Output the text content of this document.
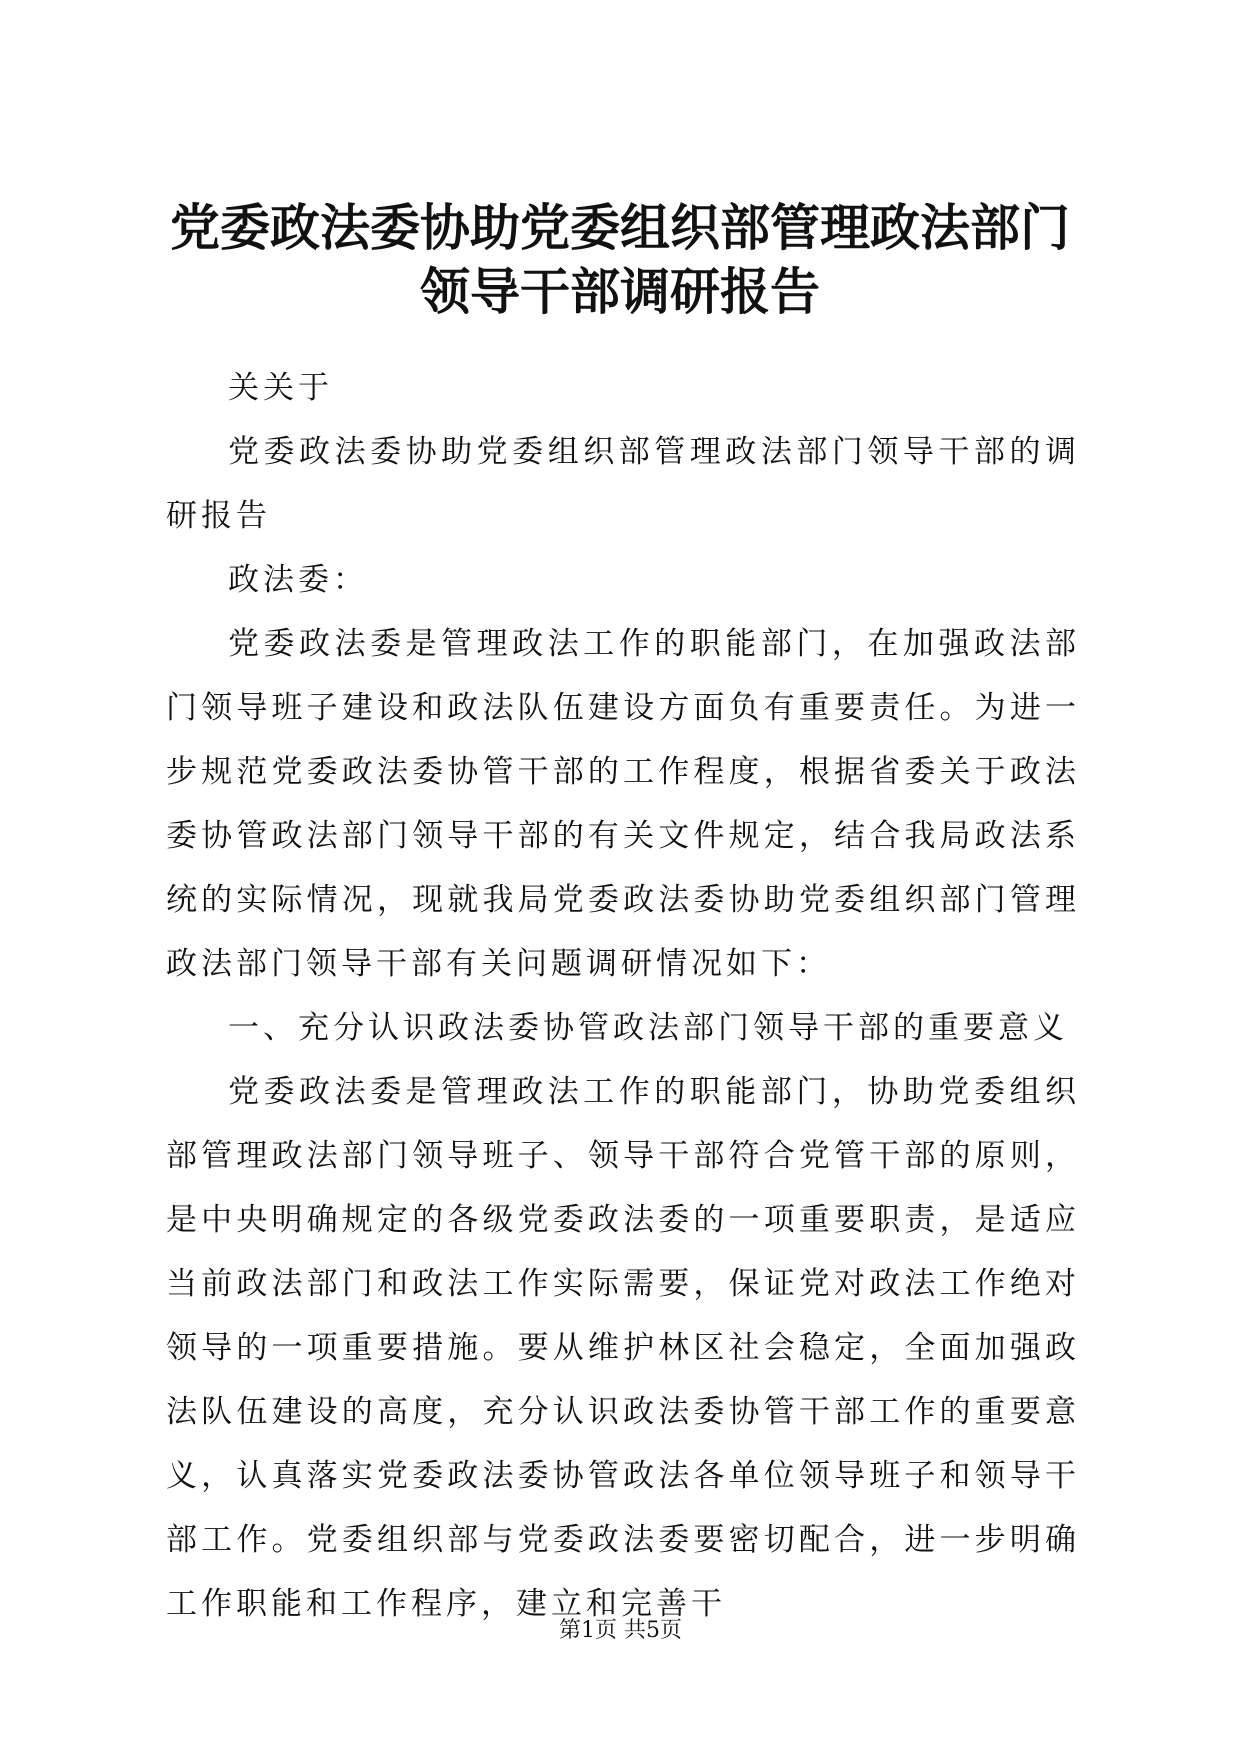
党委政法委协助党委组织部管理政法部门领导干部调研报告

关关于

党委政法委协助党委组织部管理政法部门领导干部的调研报告

政法委：

党委政法委是管理政法工作的职能部门，在加强政法部门领导班子建设和政法队伍建设方面负有重要责任。为进一步规范党委政法委协管干部的工作程度，根据省委关于政法委协管政法部门领导干部的有关文件规定，结合我局政法系统的实际情况，现就我局党委政法委协助党委组织部门管理政法部门领导干部有关问题调研情况如下：

一、充分认识政法委协管政法部门领导干部的重要意义

党委政法委是管理政法工作的职能部门，协助党委组织部管理政法部门领导班子、领导干部符合党管干部的原则，是中央明确规定的各级党委政法委的一项重要职责，是适应当前政法部门和政法工作实际需要，保证党对政法工作绝对领导的一项重要措施。要从维护林区社会稳定，全面加强政法队伍建设的高度，充分认识政法委协管干部工作的重要意义，认真落实党委政法委协管政法各单位领导班子和领导干部工作。党委组织部与党委政法委要密切配合，进一步明确工作职能和工作程序，建立和完善干

第1页 共5页
